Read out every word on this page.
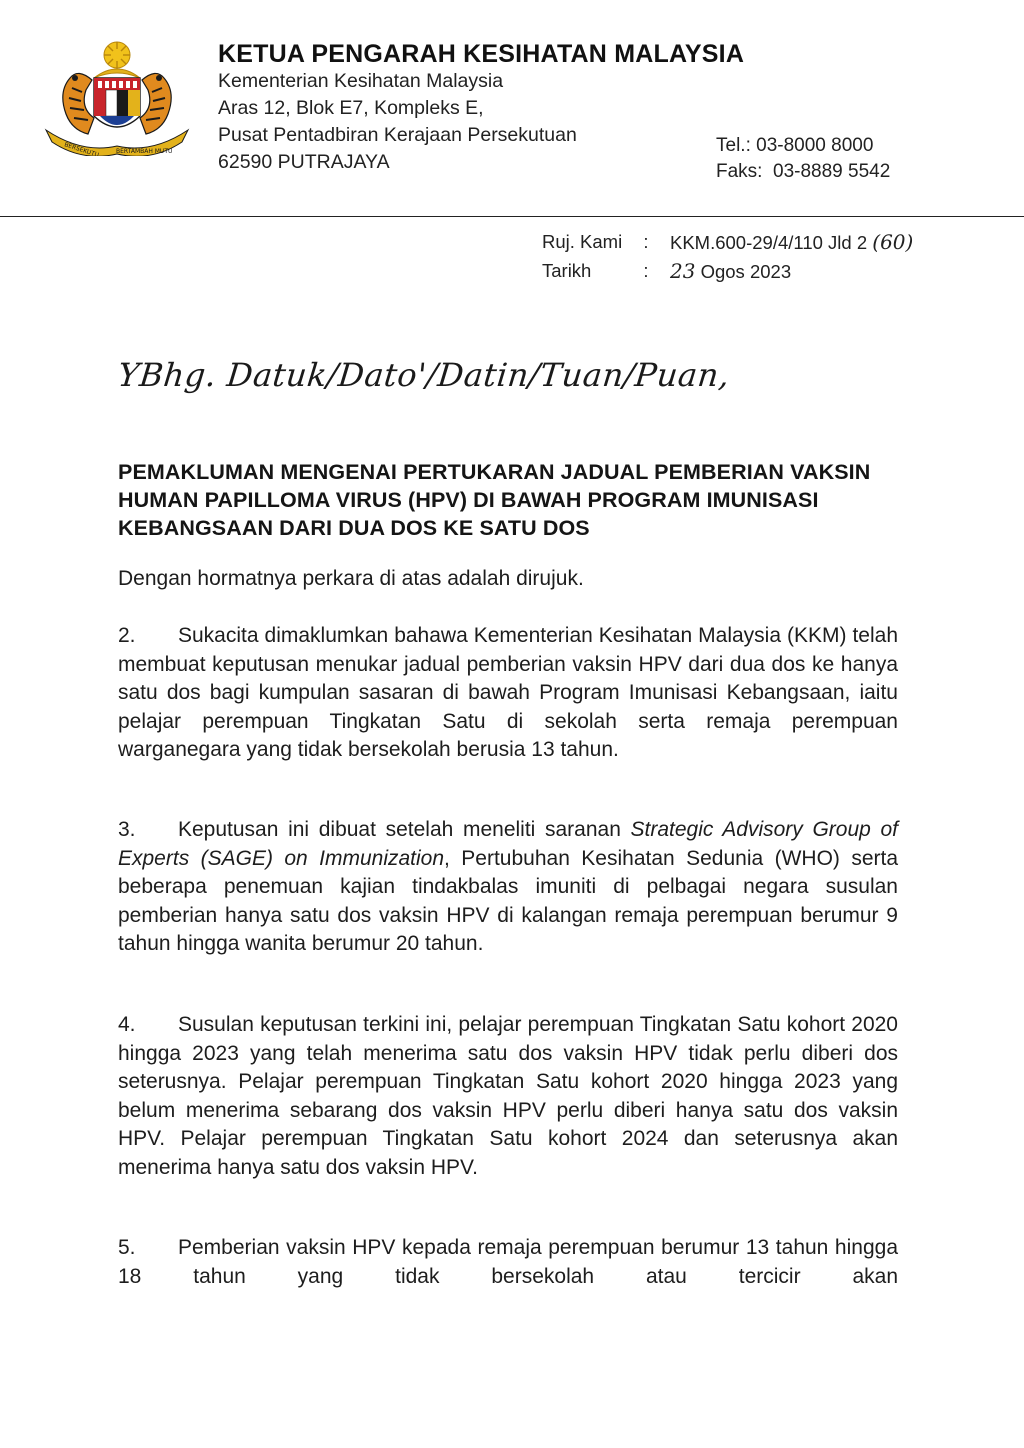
BERSEKUTU	BERTAMBAH MUTU
KETUA PENGARAH KESIHATAN MALAYSIA
Kementerian Kesihatan Malaysia
Aras 12, Blok E7, Kompleks E,
Pusat Pentadbiran Kerajaan Persekutuan
62590 PUTRAJAYA
Tel.: 03-8000 8000
Faks:  03-8889 5542
Ruj. Kami	:	KKM.600-29/4/110 Jld 2 (60)
Tarikh	:	23 Ogos 2023
YBhg. Datuk/Dato'/Datin/Tuan/Puan,
PEMAKLUMAN MENGENAI PERTUKARAN JADUAL PEMBERIAN VAKSIN HUMAN PAPILLOMA VIRUS (HPV) DI BAWAH PROGRAM IMUNISASI KEBANGSAAN DARI DUA DOS KE SATU DOS
Dengan hormatnya perkara di atas adalah dirujuk.
2. Sukacita dimaklumkan bahawa Kementerian Kesihatan Malaysia (KKM) telah membuat keputusan menukar jadual pemberian vaksin HPV dari dua dos ke hanya satu dos bagi kumpulan sasaran di bawah Program Imunisasi Kebangsaan, iaitu pelajar perempuan Tingkatan Satu di sekolah serta remaja perempuan warganegara yang tidak bersekolah berusia 13 tahun.
3. Keputusan ini dibuat setelah meneliti saranan Strategic Advisory Group of Experts (SAGE) on Immunization, Pertubuhan Kesihatan Sedunia (WHO) serta beberapa penemuan kajian tindakbalas imuniti di pelbagai negara susulan pemberian hanya satu dos vaksin HPV di kalangan remaja perempuan berumur 9 tahun hingga wanita berumur 20 tahun.
4. Susulan keputusan terkini ini, pelajar perempuan Tingkatan Satu kohort 2020 hingga 2023 yang telah menerima satu dos vaksin HPV tidak perlu diberi dos seterusnya. Pelajar perempuan Tingkatan Satu kohort 2020 hingga 2023 yang belum menerima sebarang dos vaksin HPV perlu diberi hanya satu dos vaksin HPV. Pelajar perempuan Tingkatan Satu kohort 2024 dan seterusnya akan menerima hanya satu dos vaksin HPV.
5. Pemberian vaksin HPV kepada remaja perempuan berumur 13 tahun hingga 18 tahun yang tidak bersekolah atau tercicir akan
